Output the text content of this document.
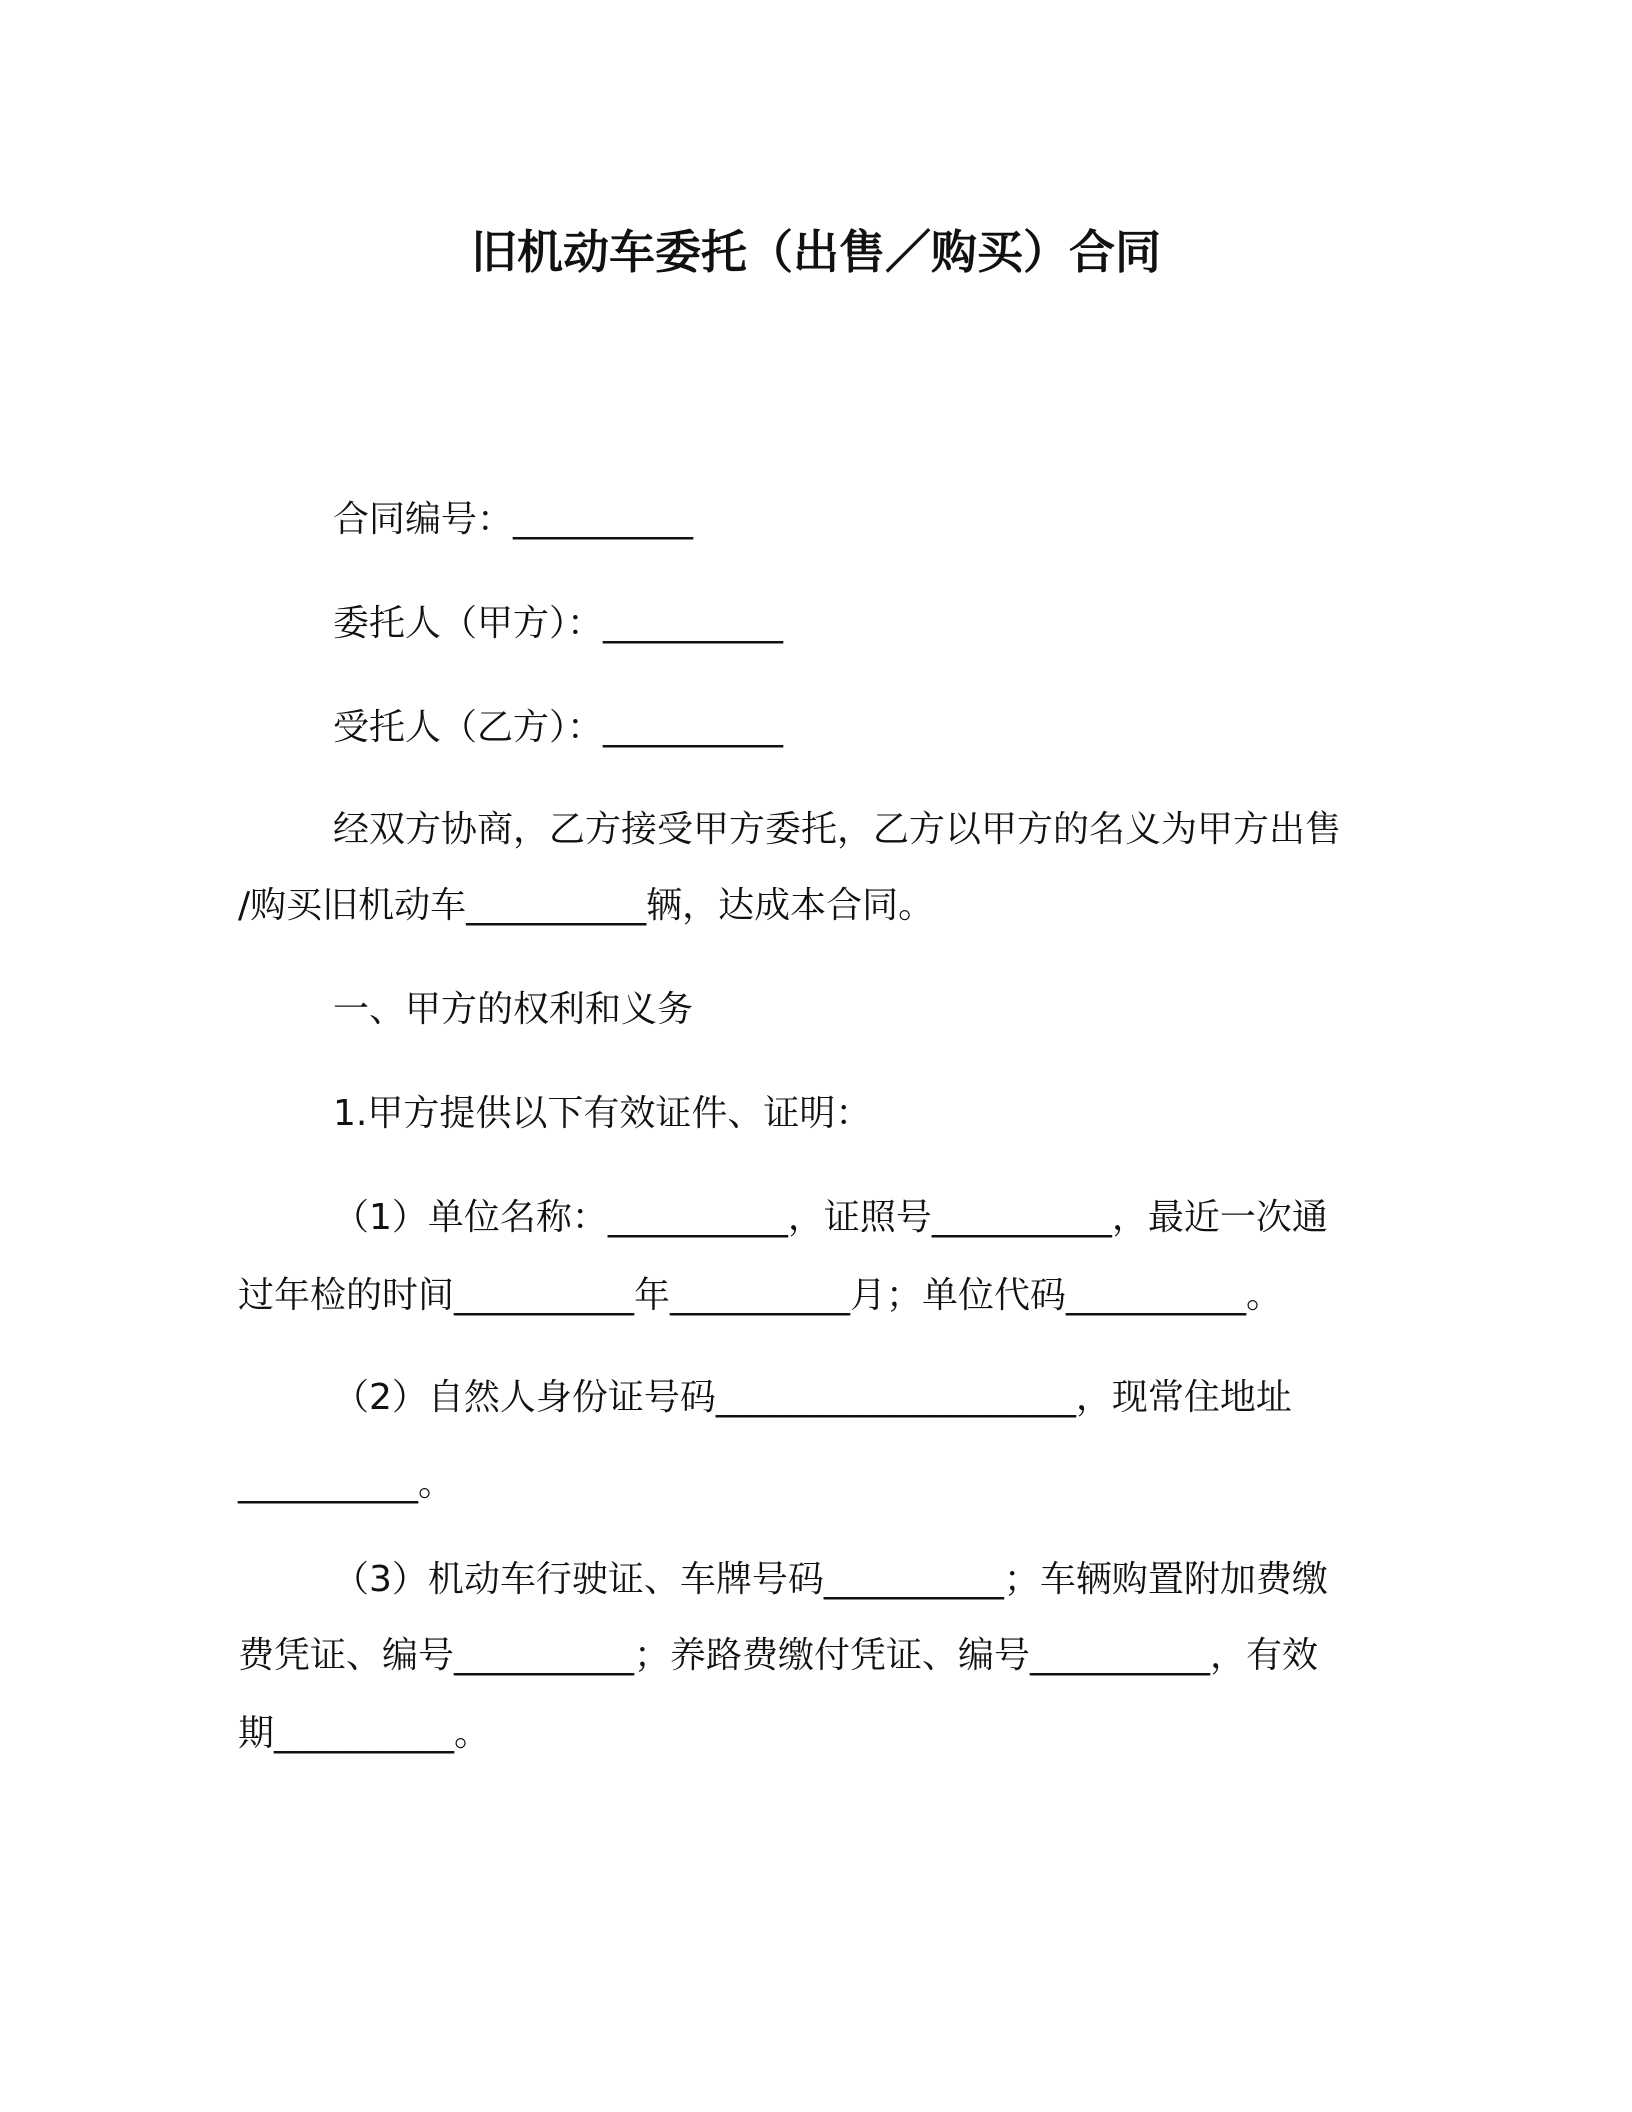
旧机动车委托（出售／购买）合同
合同编号：__________
委托人（甲方）：__________
受托人（乙方）：__________
经双方协商，乙方接受甲方委托，乙方以甲方的名义为甲方出售
/购买旧机动车__________辆，达成本合同。
一、甲方的权利和义务
1.甲方提供以下有效证件、证明：
（1）单位名称：__________，证照号__________，最近一次通
过年检的时间__________年__________月；单位代码__________。
（2）自然人身份证号码____________________，现常住地址
__________。
（3）机动车行驶证、车牌号码__________；车辆购置附加费缴
费凭证、编号__________；养路费缴付凭证、编号__________，有效
期__________。
